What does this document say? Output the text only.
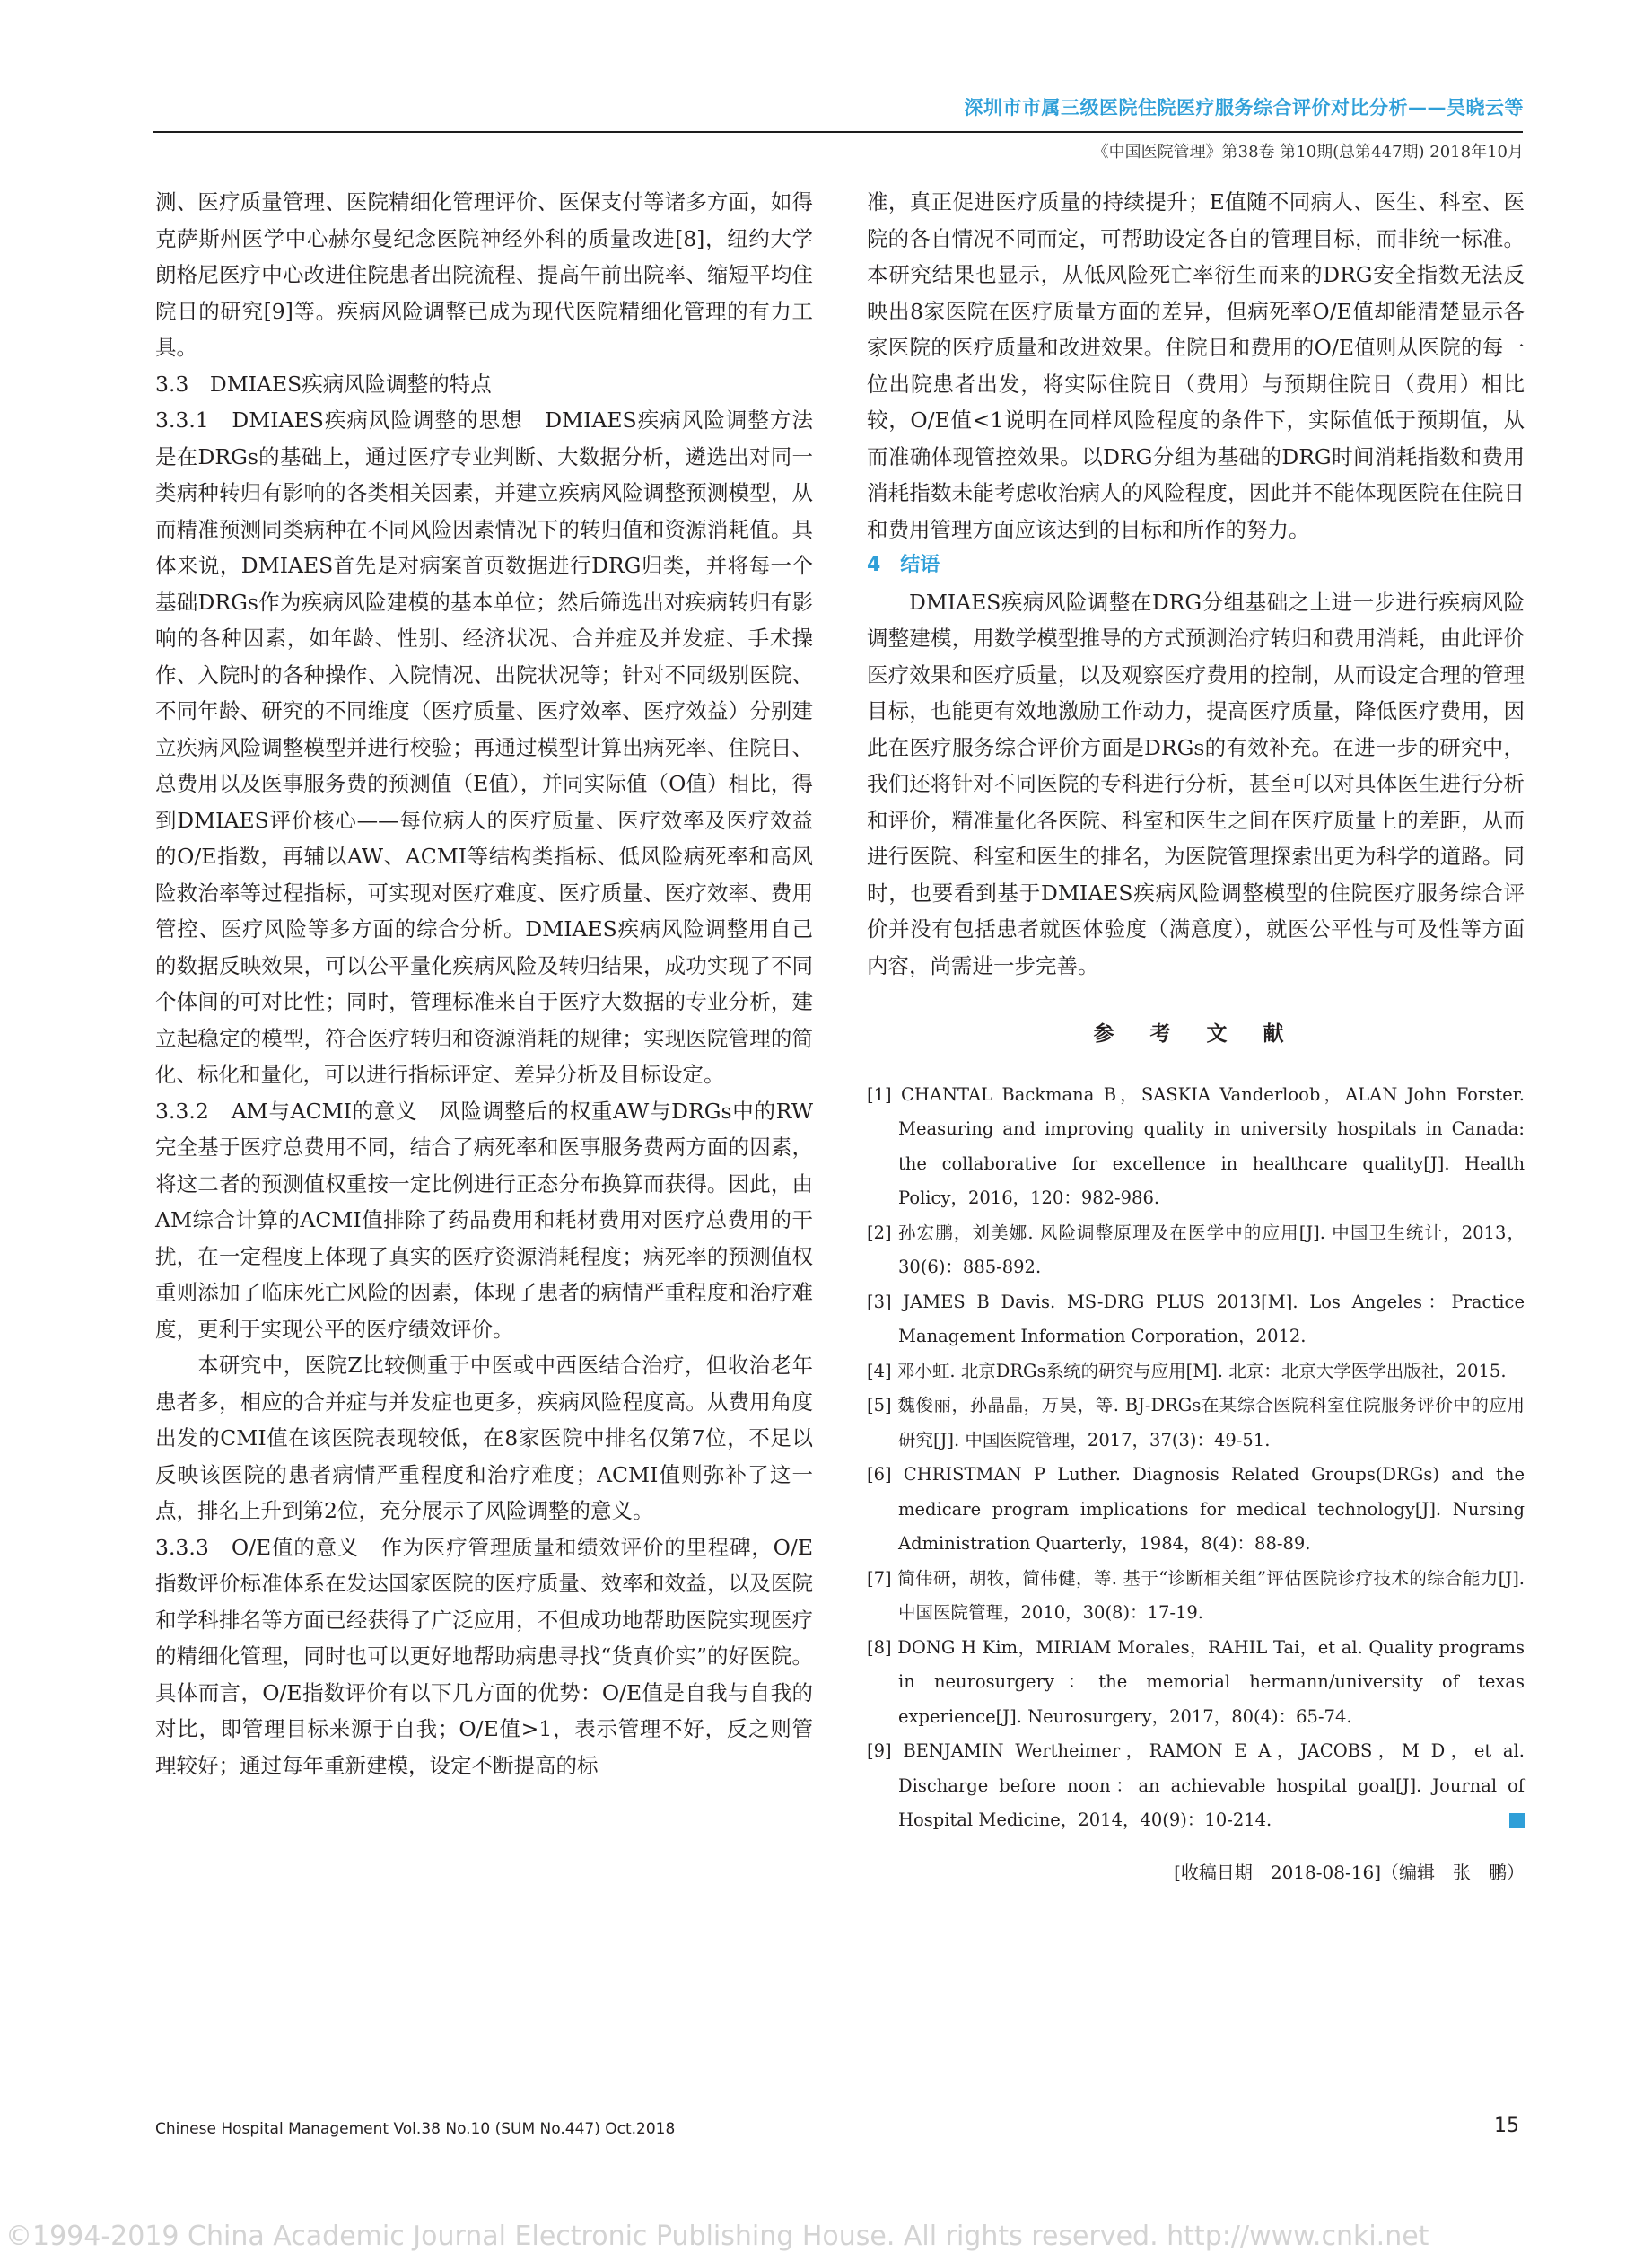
深圳市市属三级医院住院医疗服务综合评价对比分析——吴晓云等
《中国医院管理》第38卷 第10期(总第447期) 2018年10月

测、医疗质量管理、医院精细化管理评价、医保支付等诸多方面，如得克萨斯州医学中心赫尔曼纪念医院神经外科的质量改进[8]，纽约大学朗格尼医疗中心改进住院患者出院流程、提高午前出院率、缩短平均住院日的研究[9]等。疾病风险调整已成为现代医院精细化管理的有力工具。

3.3　DMIAES疾病风险调整的特点

3.3.1　DMIAES疾病风险调整的思想　DMIAES疾病风险调整方法是在DRGs的基础上，通过医疗专业判断、大数据分析，遴选出对同一类病种转归有影响的各类相关因素，并建立疾病风险调整预测模型，从而精准预测同类病种在不同风险因素情况下的转归值和资源消耗值。具体来说，DMIAES首先是对病案首页数据进行DRG归类，并将每一个基础DRGs作为疾病风险建模的基本单位；然后筛选出对疾病转归有影响的各种因素，如年龄、性别、经济状况、合并症及并发症、手术操作、入院时的各种操作、入院情况、出院状况等；针对不同级别医院、不同年龄、研究的不同维度（医疗质量、医疗效率、医疗效益）分别建立疾病风险调整模型并进行校验；再通过模型计算出病死率、住院日、总费用以及医事服务费的预测值（E值），并同实际值（O值）相比，得到DMIAES评价核心——每位病人的医疗质量、医疗效率及医疗效益的O/E指数，再辅以AW、ACMI等结构类指标、低风险病死率和高风险救治率等过程指标，可实现对医疗难度、医疗质量、医疗效率、费用管控、医疗风险等多方面的综合分析。DMIAES疾病风险调整用自己的数据反映效果，可以公平量化疾病风险及转归结果，成功实现了不同个体间的可对比性；同时，管理标准来自于医疗大数据的专业分析，建立起稳定的模型，符合医疗转归和资源消耗的规律；实现医院管理的简化、标化和量化，可以进行指标评定、差异分析及目标设定。

3.3.2　AM与ACMI的意义　风险调整后的权重AW与DRGs中的RW完全基于医疗总费用不同，结合了病死率和医事服务费两方面的因素，将这二者的预测值权重按一定比例进行正态分布换算而获得。因此，由AM综合计算的ACMI值排除了药品费用和耗材费用对医疗总费用的干扰，在一定程度上体现了真实的医疗资源消耗程度；病死率的预测值权重则添加了临床死亡风险的因素，体现了患者的病情严重程度和治疗难度，更利于实现公平的医疗绩效评价。

本研究中，医院Z比较侧重于中医或中西医结合治疗，但收治老年患者多，相应的合并症与并发症也更多，疾病风险程度高。从费用角度出发的CMI值在该医院表现较低，在8家医院中排名仅第7位，不足以反映该医院的患者病情严重程度和治疗难度；ACMI值则弥补了这一点，排名上升到第2位，充分展示了风险调整的意义。

3.3.3　O/E值的意义　作为医疗管理质量和绩效评价的里程碑，O/E指数评价标准体系在发达国家医院的医疗质量、效率和效益，以及医院和学科排名等方面已经获得了广泛应用，不但成功地帮助医院实现医疗的精细化管理，同时也可以更好地帮助病患寻找“货真价实”的好医院。具体而言，O/E指数评价有以下几方面的优势：O/E值是自我与自我的对比，即管理目标来源于自我；O/E值>1，表示管理不好，反之则管理较好；通过每年重新建模，设定不断提高的标

准，真正促进医疗质量的持续提升；E值随不同病人、医生、科室、医院的各自情况不同而定，可帮助设定各自的管理目标，而非统一标准。本研究结果也显示，从低风险死亡率衍生而来的DRG安全指数无法反映出8家医院在医疗质量方面的差异，但病死率O/E值却能清楚显示各家医院的医疗质量和改进效果。住院日和费用的O/E值则从医院的每一位出院患者出发，将实际住院日（费用）与预期住院日（费用）相比较，O/E值<1说明在同样风险程度的条件下，实际值低于预期值，从而准确体现管控效果。以DRG分组为基础的DRG时间消耗指数和费用消耗指数未能考虑收治病人的风险程度，因此并不能体现医院在住院日和费用管理方面应该达到的目标和所作的努力。

4　结语

DMIAES疾病风险调整在DRG分组基础之上进一步进行疾病风险调整建模，用数学模型推导的方式预测治疗转归和费用消耗，由此评价医疗效果和医疗质量，以及观察医疗费用的控制，从而设定合理的管理目标，也能更有效地激励工作动力，提高医疗质量，降低医疗费用，因此在医疗服务综合评价方面是DRGs的有效补充。在进一步的研究中，我们还将针对不同医院的专科进行分析，甚至可以对具体医生进行分析和评价，精准量化各医院、科室和医生之间在医疗质量上的差距，从而进行医院、科室和医生的排名，为医院管理探索出更为科学的道路。同时，也要看到基于DMIAES疾病风险调整模型的住院医疗服务综合评价并没有包括患者就医体验度（满意度），就医公平性与可及性等方面内容，尚需进一步完善。

参 考 文 献
[1] CHANTAL Backmana B，SASKIA Vanderloob，ALAN John Forster. Measuring and improving quality in university hospitals in Canada: the collaborative for excellence in healthcare quality[J]. Health Policy，2016，120：982-986.
[2] 孙宏鹏，刘美娜. 风险调整原理及在医学中的应用[J]. 中国卫生统计，2013，30(6)：885-892.
[3] JAMES B Davis. MS-DRG PLUS 2013[M]. Los Angeles：Practice Management Information Corporation，2012.
[4] 邓小虹. 北京DRGs系统的研究与应用[M]. 北京：北京大学医学出版社，2015.
[5] 魏俊丽，孙晶晶，万昊，等. BJ-DRGs在某综合医院科室住院服务评价中的应用研究[J]. 中国医院管理，2017，37(3)：49-51.
[6] CHRISTMAN P Luther. Diagnosis Related Groups(DRGs) and the medicare program implications for medical technology[J]. Nursing Administration Quarterly，1984，8(4)：88-89.
[7] 简伟研，胡牧，简伟健，等. 基于“诊断相关组”评估医院诊疗技术的综合能力[J]. 中国医院管理，2010，30(8)：17-19.
[8] DONG H Kim，MIRIAM Morales，RAHIL Tai，et al. Quality programs in neurosurgery：the memorial hermann/university of texas experience[J]. Neurosurgery，2017，80(4)：65-74.
[9] BENJAMIN Wertheimer，RAMON E A，JACOBS，M D，et al. Discharge before noon：an achievable hospital goal[J]. Journal of Hospital Medicine，2014，40(9)：10-214.
[收稿日期　2018-08-16]（编辑　张　鹏）
Chinese Hospital Management Vol.38 No.10 (SUM No.447) Oct.2018	15
©1994-2019 China Academic Journal Electronic Publishing House. All rights reserved. http://www.cnki.net
